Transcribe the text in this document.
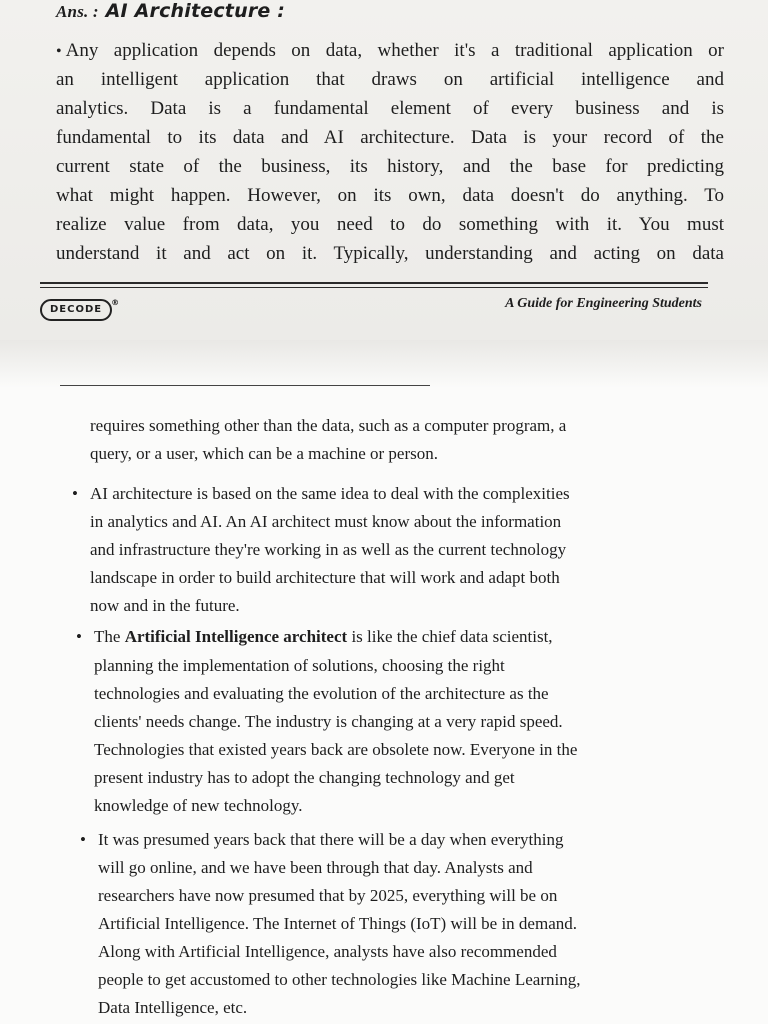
Ans. : AI Architecture :

• Any application depends on data, whether it's a traditional application or

an intelligent application that draws on artificial intelligence and

analytics. Data is a fundamental element of every business and is

fundamental to its data and AI architecture. Data is your record of the

current state of the business, its history, and the base for predicting

what might happen. However, on its own, data doesn't do anything. To

realize value from data, you need to do something with it. You must

understand it and act on it. Typically, understanding and acting on data

DECODE
®	A Guide for Engineering Students

requires something other than the data, such as a computer program, a

query, or a user, which can be a machine or person.

• AI architecture is based on the same idea to deal with the complexities

in analytics and AI. An AI architect must know about the information

and infrastructure they're working in as well as the current technology

landscape in order to build architecture that will work and adapt both

now and in the future.

• The Artificial Intelligence architect is like the chief data scientist,

planning the implementation of solutions, choosing the right

technologies and evaluating the evolution of the architecture as the

clients' needs change. The industry is changing at a very rapid speed.

Technologies that existed years back are obsolete now. Everyone in the

present industry has to adopt the changing technology and get

knowledge of new technology.

• It was presumed years back that there will be a day when everything

will go online, and we have been through that day. Analysts and

researchers have now presumed that by 2025, everything will be on

Artificial Intelligence. The Internet of Things (IoT) will be in demand.

Along with Artificial Intelligence, analysts have also recommended

people to get accustomed to other technologies like Machine Learning,

Data Intelligence, etc.
